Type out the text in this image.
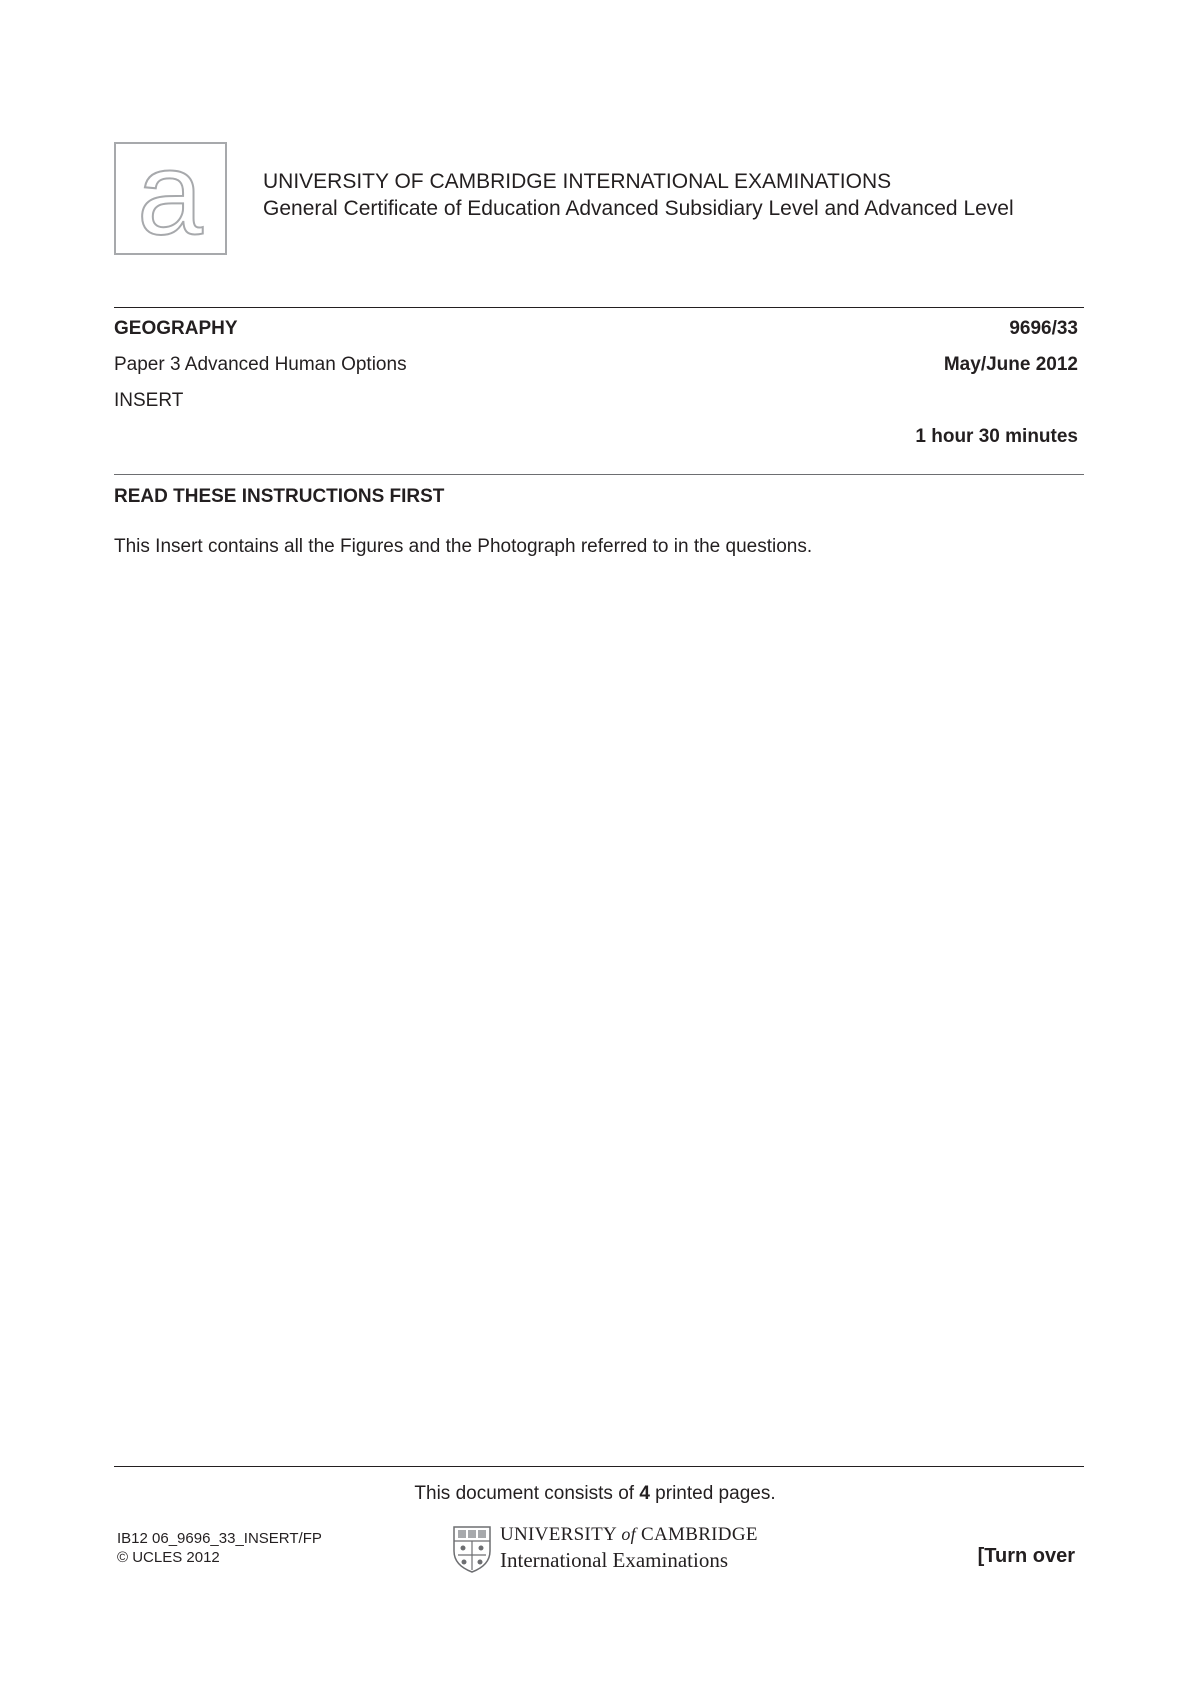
a	UNIVERSITY OF CAMBRIDGE INTERNATIONAL EXAMINATIONS
General Certificate of Education Advanced Subsidiary Level and Advanced Level
GEOGRAPHY	9696/33
Paper 3 Advanced Human Options	May/June 2012
INSERT
1 hour 30 minutes
READ THESE INSTRUCTIONS FIRST
This Insert contains all the Figures and the Photograph referred to in the questions.
This document consists of 4 printed pages.
IB12 06_9696_33_INSERT/FP
© UCLES 2012
UNIVERSITY of CAMBRIDGE
International Examinations	[Turn over
